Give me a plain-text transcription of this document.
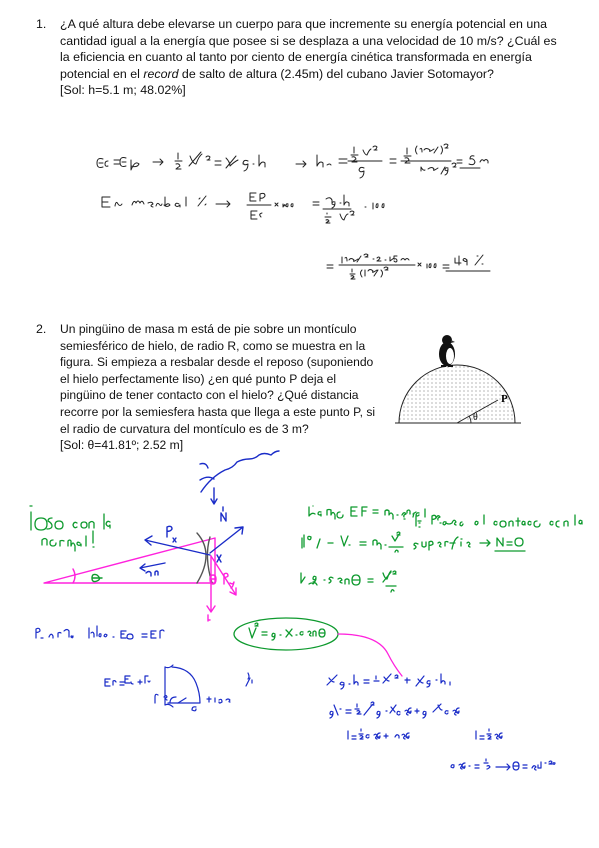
1. ¿A qué altura debe elevarse un cuerpo para que incremente su energía potencial en una
cantidad igual a la energía que posee si se desplaza a una velocidad de 10 m/s? ¿Cuál es
la eficiencia en cuanto al tanto por ciento de energía cinética transformada en energía
potencial en el record de salto de altura (2.45m) del cubano Javier Sotomayor?
[Sol: h=5.1 m; 48.02%]
2. Un pingüino de masa m está de pie sobre un montículo
semiesférico de hielo, de radio R, como se muestra en la
figura. Si empieza a resbalar desde el reposo (suponiendo
el hielo perfectamente liso) ¿en qué punto P deja el
pingüino de tener contacto con el hielo? ¿Qué distancia
recorre por la semiesfera hasta que llega a este punto P, si
el radio de curvatura del montículo es de 3 m?
[Sol: θ=41.81º; 2.52 m]
θ
P
